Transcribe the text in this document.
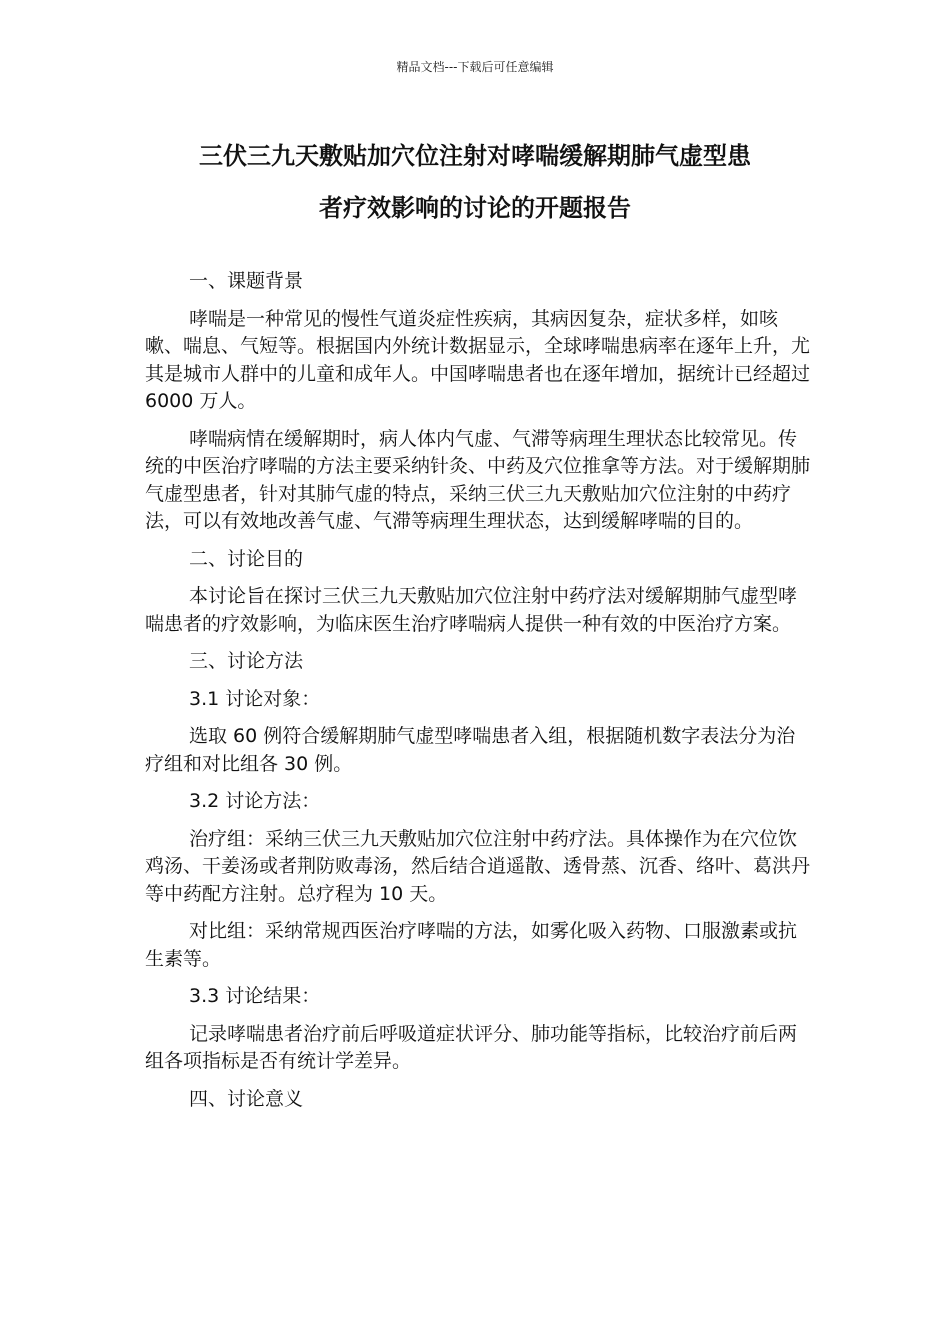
精品文档---下载后可任意编辑
三伏三九天敷贴加穴位注射对哮喘缓解期肺气虚型患
者疗效影响的讨论的开题报告
一、课题背景
哮喘是一种常见的慢性气道炎症性疾病，其病因复杂，症状多样，如咳嗽、喘息、气短等。根据国内外统计数据显示，全球哮喘患病率在逐年上升，尤其是城市人群中的儿童和成年人。中国哮喘患者也在逐年增加，据统计已经超过 6000 万人。
哮喘病情在缓解期时，病人体内气虚、气滞等病理生理状态比较常见。传统的中医治疗哮喘的方法主要采纳针灸、中药及穴位推拿等方法。对于缓解期肺气虚型患者，针对其肺气虚的特点，采纳三伏三九天敷贴加穴位注射的中药疗法，可以有效地改善气虚、气滞等病理生理状态，达到缓解哮喘的目的。
二、讨论目的
本讨论旨在探讨三伏三九天敷贴加穴位注射中药疗法对缓解期肺气虚型哮喘患者的疗效影响，为临床医生治疗哮喘病人提供一种有效的中医治疗方案。
三、讨论方法
3.1 讨论对象：
选取 60 例符合缓解期肺气虚型哮喘患者入组，根据随机数字表法分为治疗组和对比组各 30 例。
3.2 讨论方法：
治疗组：采纳三伏三九天敷贴加穴位注射中药疗法。具体操作为在穴位饮鸡汤、干姜汤或者荆防败毒汤，然后结合逍遥散、透骨蒸、沉香、络叶、葛洪丹等中药配方注射。总疗程为 10 天。
对比组：采纳常规西医治疗哮喘的方法，如雾化吸入药物、口服激素或抗生素等。
3.3 讨论结果：
记录哮喘患者治疗前后呼吸道症状评分、肺功能等指标，比较治疗前后两组各项指标是否有统计学差异。
四、讨论意义
